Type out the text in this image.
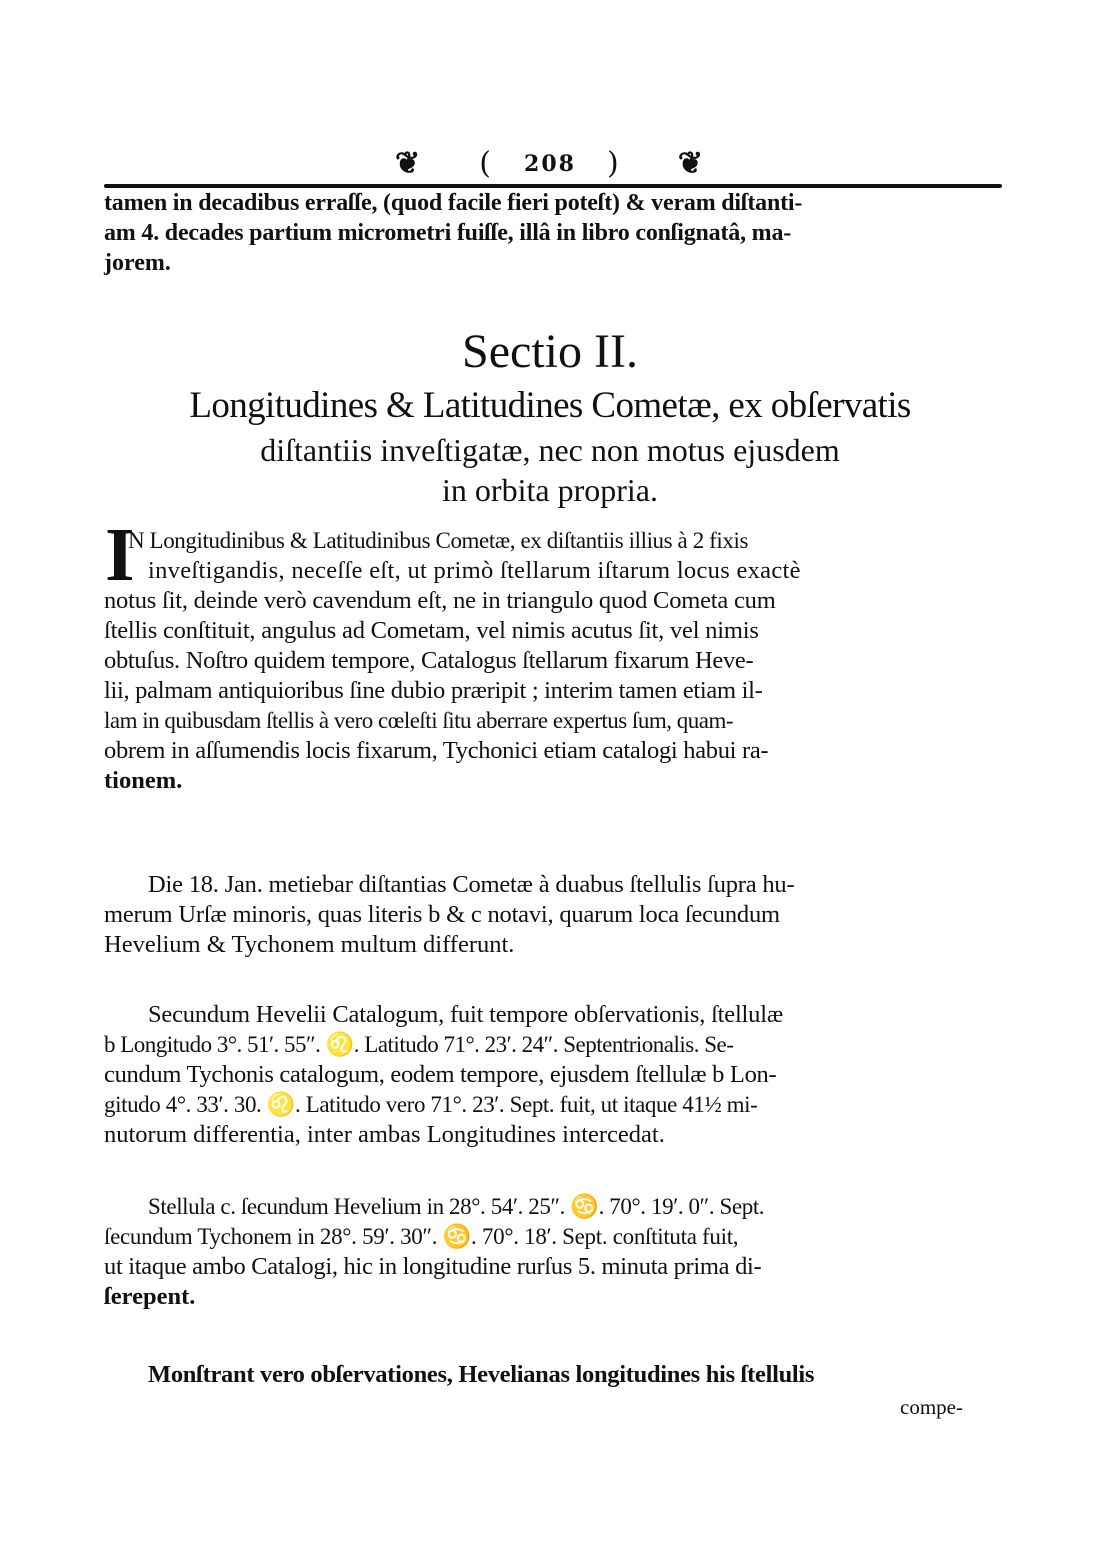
❦ ( 208 ) ❦
tamen in decadibus erraſſe, (quod facile fieri poteſt) & veram diſtanti-
am 4. decades partium micrometri fuiſſe, illâ in libro conſignatâ, ma-
jorem.
Sectio II.
Longitudines & Latitudines Cometæ, ex obſervatis
diſtantiis inveſtigatæ, nec non motus ejusdem
in orbita propria.
I
N Longitudinibus & Latitudinibus Cometæ, ex diſtantiis illius à 2 fixis
inveſtigandis, neceſſe eſt, ut primò ſtellarum iſtarum locus exactè
notus ſit, deinde verò cavendum eſt, ne in triangulo quod Cometa cum
ſtellis conſtituit, angulus ad Cometam, vel nimis acutus ſit, vel nimis
obtuſus. Noſtro quidem tempore, Catalogus ſtellarum fixarum Heve-
lii, palmam antiquioribus ſine dubio præripit ; interim tamen etiam il-
lam in quibusdam ſtellis à vero cœleſti ſitu aberrare expertus ſum, quam-
obrem in aſſumendis locis fixarum, Tychonici etiam catalogi habui ra-
tionem.
Die 18. Jan. metiebar diſtantias Cometæ à duabus ſtellulis ſupra hu-
merum Urſæ minoris, quas literis b & c notavi, quarum loca ſecundum
Hevelium & Tychonem multum differunt.
Secundum Hevelii Catalogum, fuit tempore obſervationis, ſtellulæ
b Longitudo 3°. 51′. 55″. ♌. Latitudo 71°. 23′. 24″. Septentrionalis. Se-
cundum Tychonis catalogum, eodem tempore, ejusdem ſtellulæ b Lon-
gitudo 4°. 33′. 30. ♌. Latitudo vero 71°. 23′. Sept. fuit, ut itaque 41½ mi-
nutorum differentia, inter ambas Longitudines intercedat.
Stellula c. ſecundum Hevelium in 28°. 54′. 25″. ♋. 70°. 19′. 0″. Sept.
ſecundum Tychonem in 28°. 59′. 30″. ♋. 70°. 18′. Sept. conſtituta fuit,
ut itaque ambo Catalogi, hic in longitudine rurſus 5. minuta prima di-
ſerepent.
Monſtrant vero obſervationes, Hevelianas longitudines his ſtellulis
compe-
